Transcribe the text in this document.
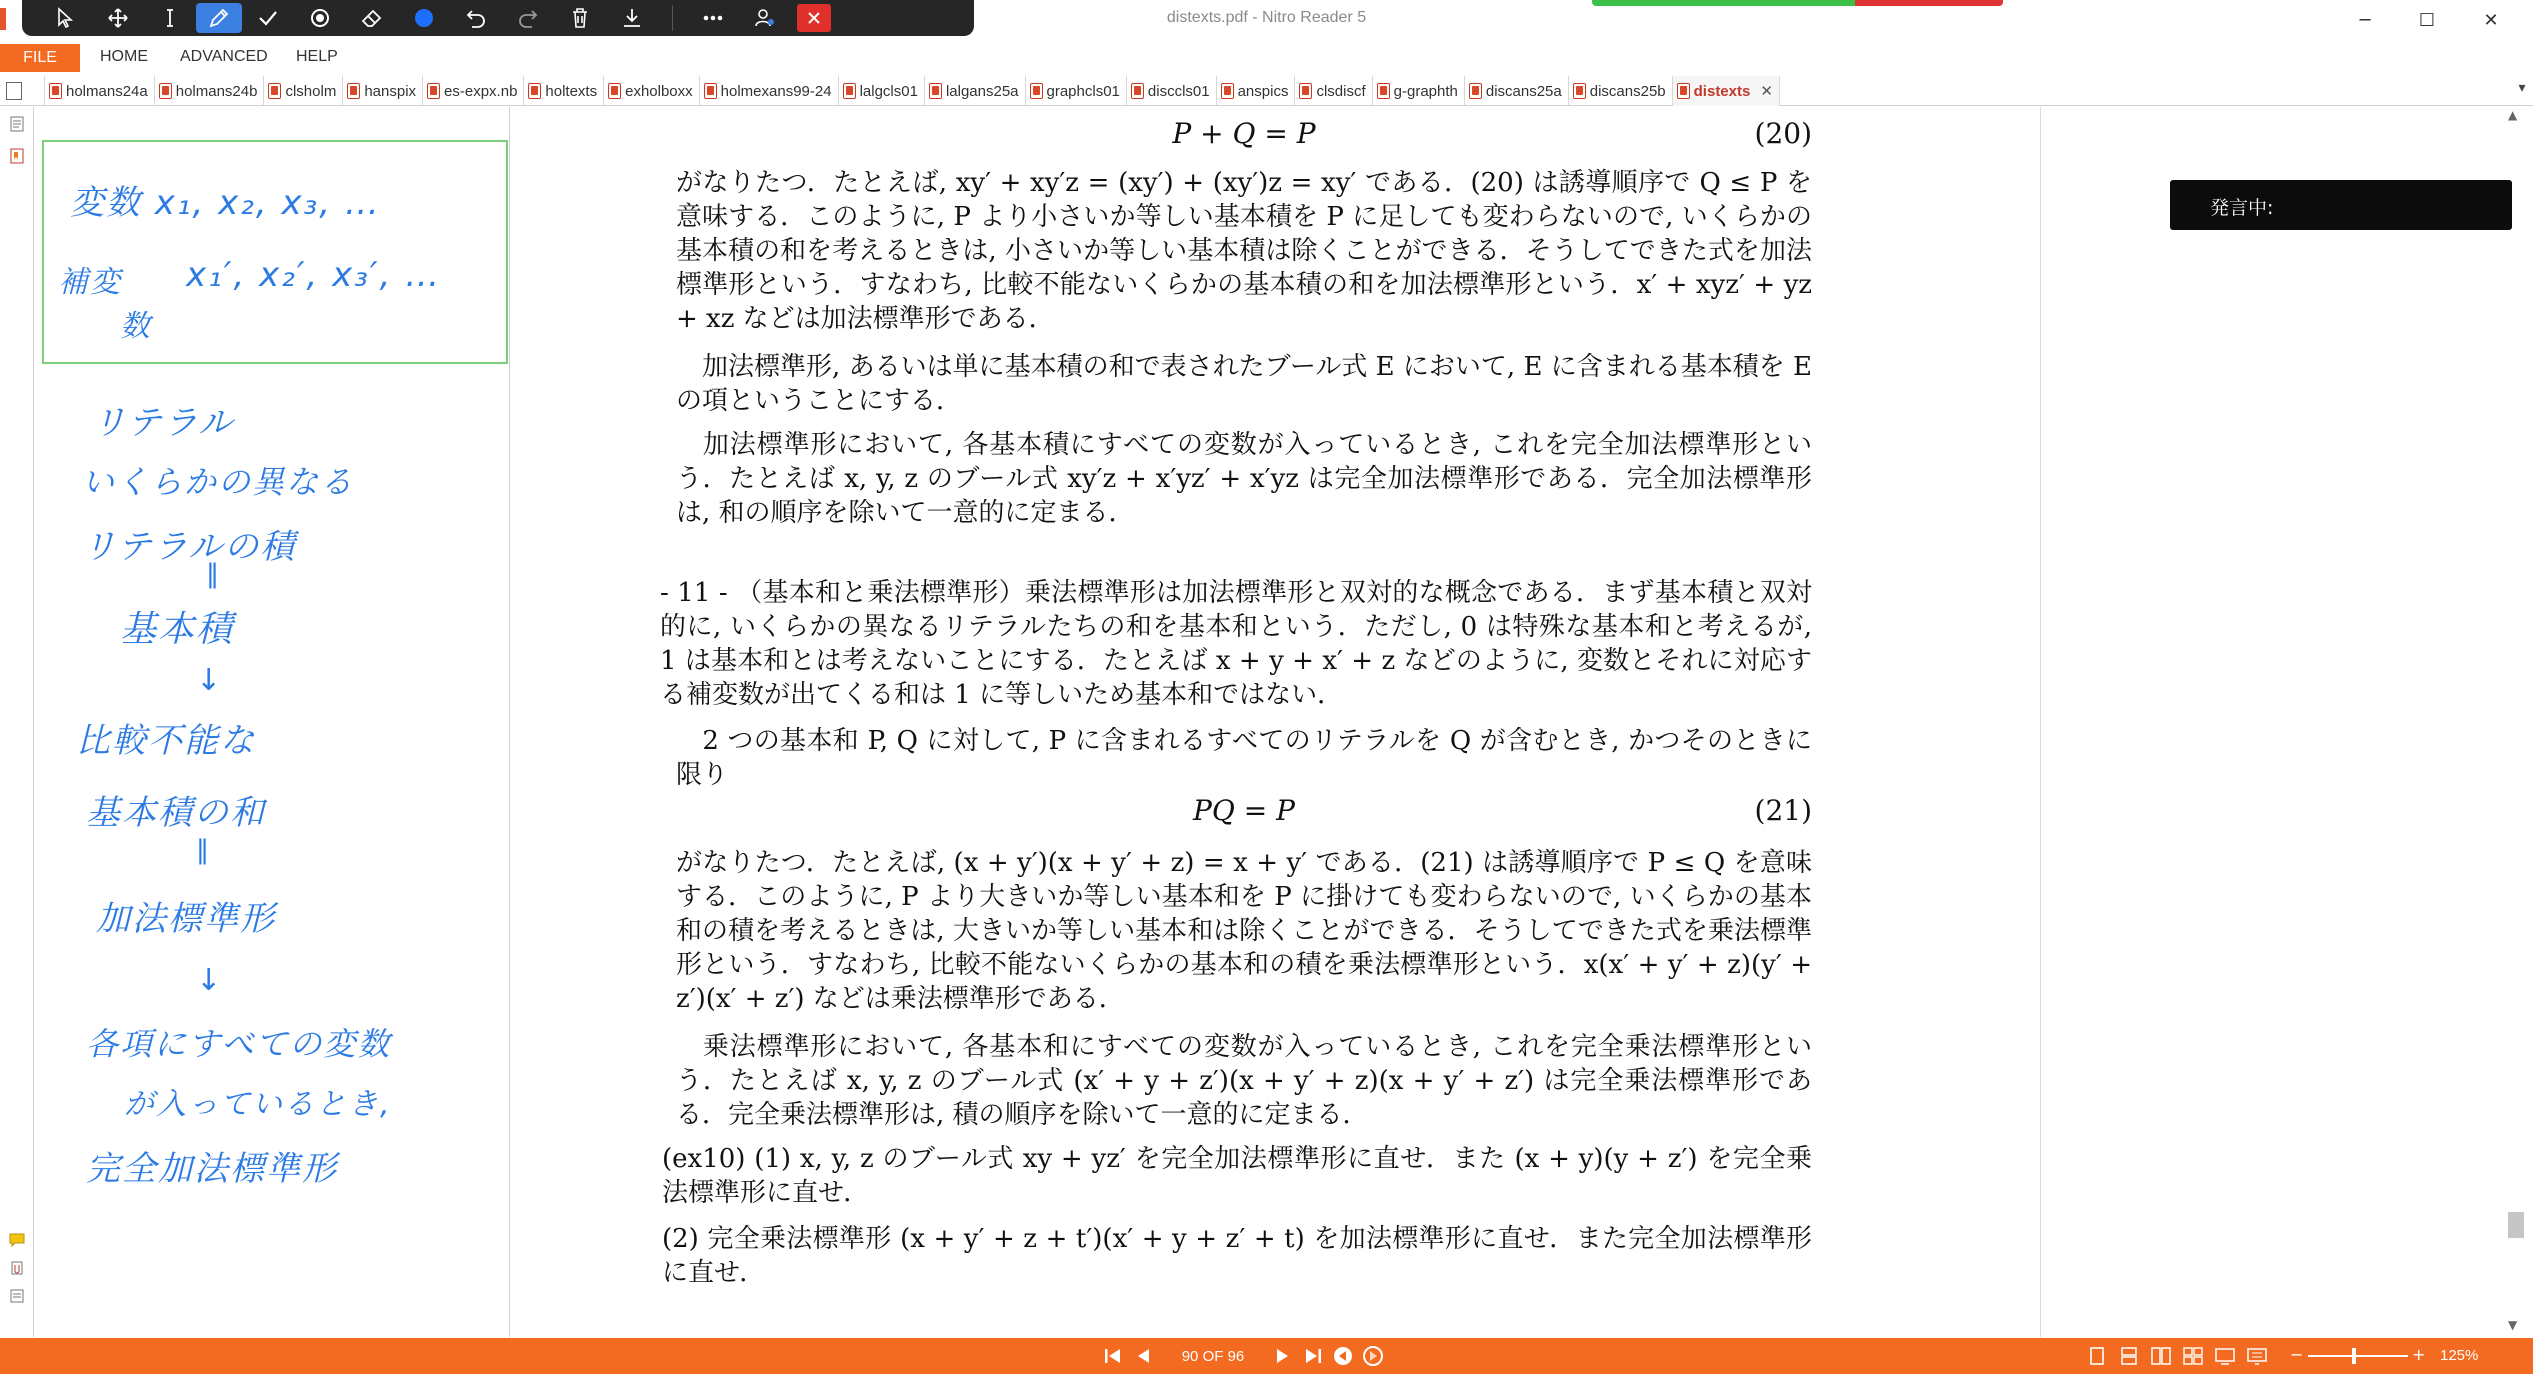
distexts.pdf - Nitro Reader 5	─	☐	✕
HOME ADVANCED HELP
FILE
holmans24a holmans24b clsholm hanspix es-expx.nb holtexts exholboxx holmexans99-24 lalgcls01 lalgans25a graphcls01 disccls01 anspics clsdiscf g-graphth discans25a discans25b distexts ✕	▾
変数 x₁, x₂, x₃, …
補変 x₁′, x₂′, x₃′, …
数
リテラル
いくらかの異なる
リテラルの積
‖
基本積
↓
比較不能な
基本積の和
‖
加法標準形
↓
各項にすべての変数
が入っているとき,
完全加法標準形
P + Q = P	(20)
がなりたつ．たとえば, xy′ + xy′z = (xy′) + (xy′)z = xy′ である．(20) は誘導順序で Q ≤ P を意味する．このように, P より小さいか等しい基本積を P に足しても変わらないので, いくらかの基本積の和を考えるときは, 小さいか等しい基本積は除くことができる．そうしてできた式を加法標準形という．すなわち, 比較不能ないくらかの基本積の和を加法標準形という．x′ + xyz′ + yz + xz などは加法標準形である．
　加法標準形, あるいは単に基本積の和で表されたブール式 E において, E に含まれる基本積を E の項ということにする．
　加法標準形において, 各基本積にすべての変数が入っているとき, これを完全加法標準形という．たとえば x, y, z のブール式 xy′z + x′yz′ + x′yz は完全加法標準形である．完全加法標準形は, 和の順序を除いて一意的に定まる．
- 11 - （基本和と乗法標準形）乗法標準形は加法標準形と双対的な概念である．まず基本積と双対的に, いくらかの異なるリテラルたちの和を基本和という．ただし, 0 は特殊な基本和と考えるが, 1 は基本和とは考えないことにする．たとえば x + y + x′ + z などのように, 変数とそれに対応する補変数が出てくる和は 1 に等しいため基本和ではない．
　2 つの基本和 P, Q に対して, P に含まれるすべてのリテラルを Q が含むとき, かつそのときに限り
PQ = P	(21)
がなりたつ．たとえば, (x + y′)(x + y′ + z) = x + y′ である．(21) は誘導順序で P ≤ Q を意味する．このように, P より大きいか等しい基本和を P に掛けても変わらないので, いくらかの基本和の積を考えるときは, 大きいか等しい基本和は除くことができる．そうしてできた式を乗法標準形という．すなわち, 比較不能ないくらかの基本和の積を乗法標準形という．x(x′ + y′ + z)(y′ + z′)(x′ + z′) などは乗法標準形である．
　乗法標準形において, 各基本和にすべての変数が入っているとき, これを完全乗法標準形という．たとえば x, y, z のブール式 (x′ + y + z′)(x + y′ + z)(x + y′ + z′) は完全乗法標準形である．完全乗法標準形は, 積の順序を除いて一意的に定まる．
(ex10) (1) x, y, z のブール式 xy + yz′ を完全加法標準形に直せ．また (x + y)(y + z′) を完全乗法標準形に直せ．
(2) 完全乗法標準形 (x + y′ + z + t′)(x′ + y + z′ + t) を加法標準形に直せ．また完全加法標準形に直せ．
発言中:
▲
▼
90 OF 96	−	+ 125%
